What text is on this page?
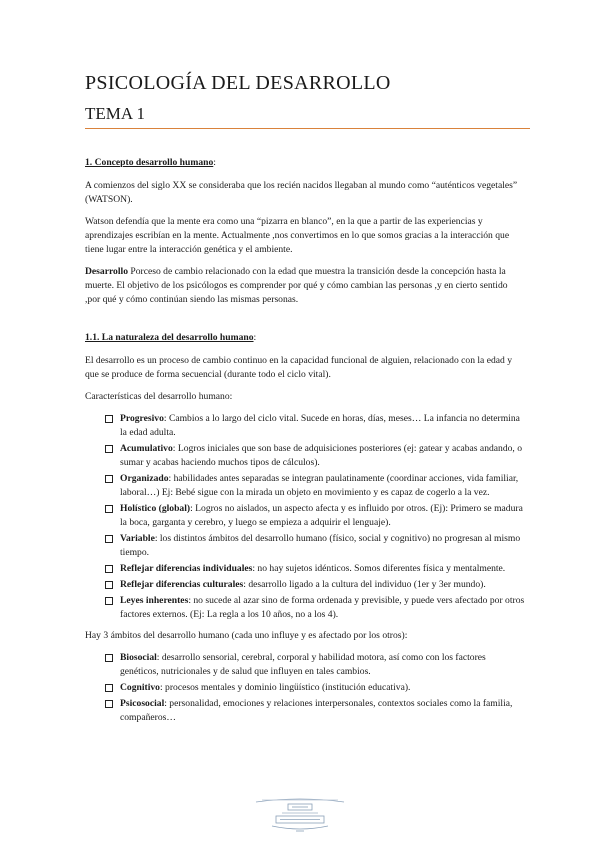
PSICOLOGÍA DEL DESARROLLO
TEMA 1
1. Concepto desarrollo humano:

A comienzos del siglo XX se consideraba que los recién nacidos llegaban al mundo como “auténticos vegetales” (WATSON).

Watson defendía que la mente era como una “pizarra en blanco”, en la que a partir de las experiencias y aprendizajes escribían en la mente. Actualmente ,nos convertimos en lo que somos gracias a la interacción que tiene lugar entre la interacción genética y el ambiente.

Desarrollo Porceso de cambio relacionado con la edad que muestra la transición desde la concepción hasta la muerte. El objetivo de los psicólogos es comprender por qué y cómo cambian las personas ,y en cierto sentido ,por qué y cómo continúan siendo las mismas personas.

1.1. La naturaleza del desarrollo humano:

El desarrollo es un proceso de cambio continuo en la capacidad funcional de alguien, relacionado con la edad y que se produce de forma secuencial (durante todo el ciclo vital).

Características del desarrollo humano:

Progresivo: Cambios a lo largo del ciclo vital. Sucede en horas, días, meses… La infancia no determina la edad adulta.
Acumulativo: Logros iniciales que son base de adquisiciones posteriores (ej: gatear y acabas andando, o sumar y acabas haciendo muchos tipos de cálculos).
Organizado: habilidades antes separadas se integran paulatinamente (coordinar acciones, vida familiar, laboral…) Ej: Bebé sigue con la mirada un objeto en movimiento y es capaz de cogerlo a la vez.
Holístico (global): Logros no aislados, un aspecto afecta y es influido por otros. (Ej): Primero se madura la boca, garganta y cerebro, y luego se empieza a adquirir el lenguaje).
Variable: los distintos ámbitos del desarrollo humano (físico, social y cognitivo) no progresan al mismo tiempo.
Reflejar diferencias individuales: no hay sujetos idénticos. Somos diferentes física y mentalmente.
Reflejar diferencias culturales: desarrollo ligado a la cultura del individuo (1er y 3er mundo).
Leyes inherentes: no sucede al azar sino de forma ordenada y previsible, y puede vers afectado por otros factores externos. (Ej: La regla a los 10 años, no a los 4).

Hay 3 ámbitos del desarrollo humano (cada uno influye y es afectado por los otros):

Biosocial: desarrollo sensorial, cerebral, corporal y habilidad motora, así como con los factores genéticos, nutricionales y de salud que influyen en tales cambios.
Cognitivo: procesos mentales y dominio lingüístico (institución educativa).
Psicosocial: personalidad, emociones y relaciones interpersonales, contextos sociales como la familia, compañeros…
